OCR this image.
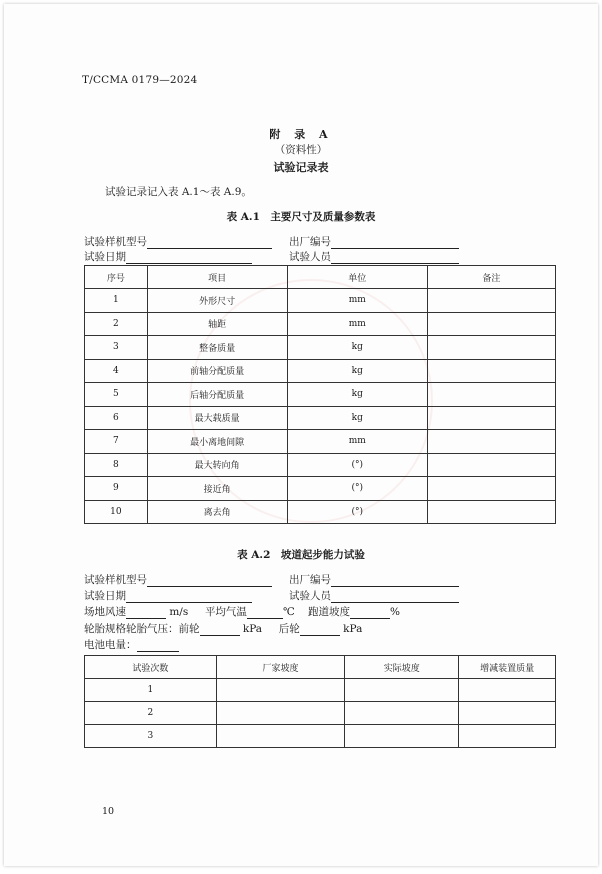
T/CCMA 0179—2024
附 录 A
（资料性）
试验记录表
试验记录记入表 A.1～表 A.9。
表 A.1　主要尺寸及质量参数表
试验样机型号	出厂编号
试验日期	试验人员
序号	项目	单位	备注
1	外形尺寸	mm	
2	轴距	mm	
3	整备质量	kg	
4	前轴分配质量	kg	
5	后轴分配质量	kg	
6	最大载质量	kg	
7	最小离地间隙	mm	
8	最大转向角	(°)	
9	接近角	(°)	
10	离去角	(°)	
表 A.2　坡道起步能力试验
试验样机型号	出厂编号
试验日期	试验人员
场地风速	m/s 平均气温	℃ 跑道坡度	%
轮胎规格轮胎气压：前轮	kPa 后轮	kPa
电池电量：
试验次数	厂家坡度	实际坡度	增减装置质量
1			
2			
3			
10
